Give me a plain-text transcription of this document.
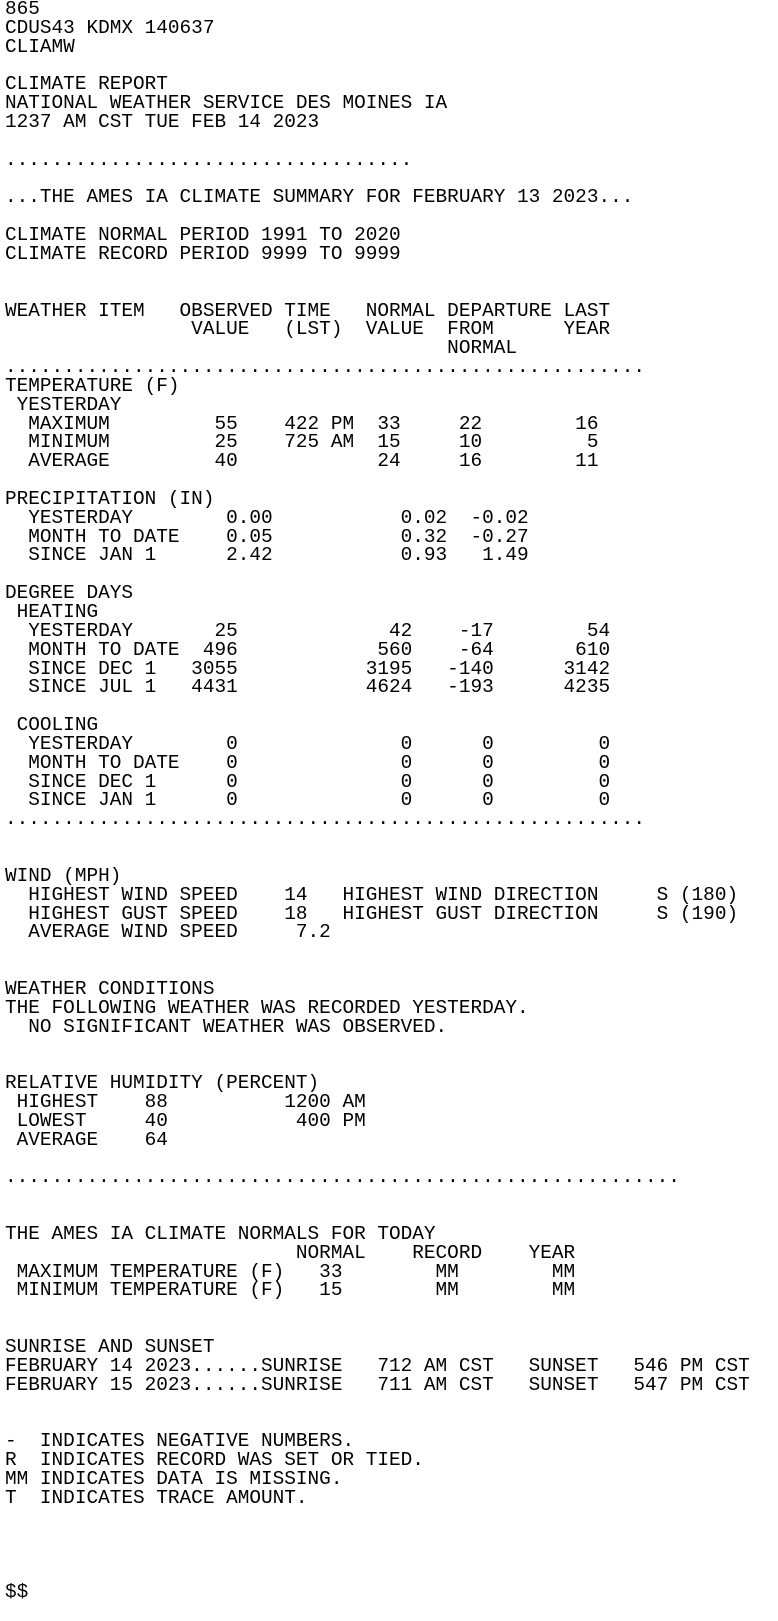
865
CDUS43 KDMX 140637
CLIAMW

CLIMATE REPORT
NATIONAL WEATHER SERVICE DES MOINES IA
1237 AM CST TUE FEB 14 2023

...................................

...THE AMES IA CLIMATE SUMMARY FOR FEBRUARY 13 2023...

CLIMATE NORMAL PERIOD 1991 TO 2020
CLIMATE RECORD PERIOD 9999 TO 9999

WEATHER ITEM   OBSERVED TIME   NORMAL DEPARTURE LAST
VALUE   (LST)  VALUE  FROM      YEAR
NORMAL
.......................................................
TEMPERATURE (F)
YESTERDAY
MAXIMUM         55    422 PM  33     22        16
MINIMUM         25    725 AM  15     10         5
AVERAGE         40            24     16        11

PRECIPITATION (IN)
YESTERDAY        0.00           0.02  -0.02
MONTH TO DATE    0.05           0.32  -0.27
SINCE JAN 1      2.42           0.93   1.49

DEGREE DAYS
HEATING
YESTERDAY       25             42    -17        54
MONTH TO DATE  496            560    -64       610
SINCE DEC 1   3055           3195   -140      3142
SINCE JUL 1   4431           4624   -193      4235

COOLING
YESTERDAY        0              0      0         0
MONTH TO DATE    0              0      0         0
SINCE DEC 1      0              0      0         0
SINCE JAN 1      0              0      0         0
.......................................................

WIND (MPH)
HIGHEST WIND SPEED    14   HIGHEST WIND DIRECTION     S (180)
HIGHEST GUST SPEED    18   HIGHEST GUST DIRECTION     S (190)
AVERAGE WIND SPEED     7.2

WEATHER CONDITIONS
THE FOLLOWING WEATHER WAS RECORDED YESTERDAY.
NO SIGNIFICANT WEATHER WAS OBSERVED.

RELATIVE HUMIDITY (PERCENT)
HIGHEST    88          1200 AM
LOWEST     40           400 PM
AVERAGE    64

..........................................................

THE AMES IA CLIMATE NORMALS FOR TODAY
NORMAL    RECORD    YEAR
MAXIMUM TEMPERATURE (F)   33        MM        MM
MINIMUM TEMPERATURE (F)   15        MM        MM

SUNRISE AND SUNSET
FEBRUARY 14 2023......SUNRISE   712 AM CST   SUNSET   546 PM CST
FEBRUARY 15 2023......SUNRISE   711 AM CST   SUNSET   547 PM CST

-  INDICATES NEGATIVE NUMBERS.
R  INDICATES RECORD WAS SET OR TIED.
MM INDICATES DATA IS MISSING.
T  INDICATES TRACE AMOUNT.

$$
